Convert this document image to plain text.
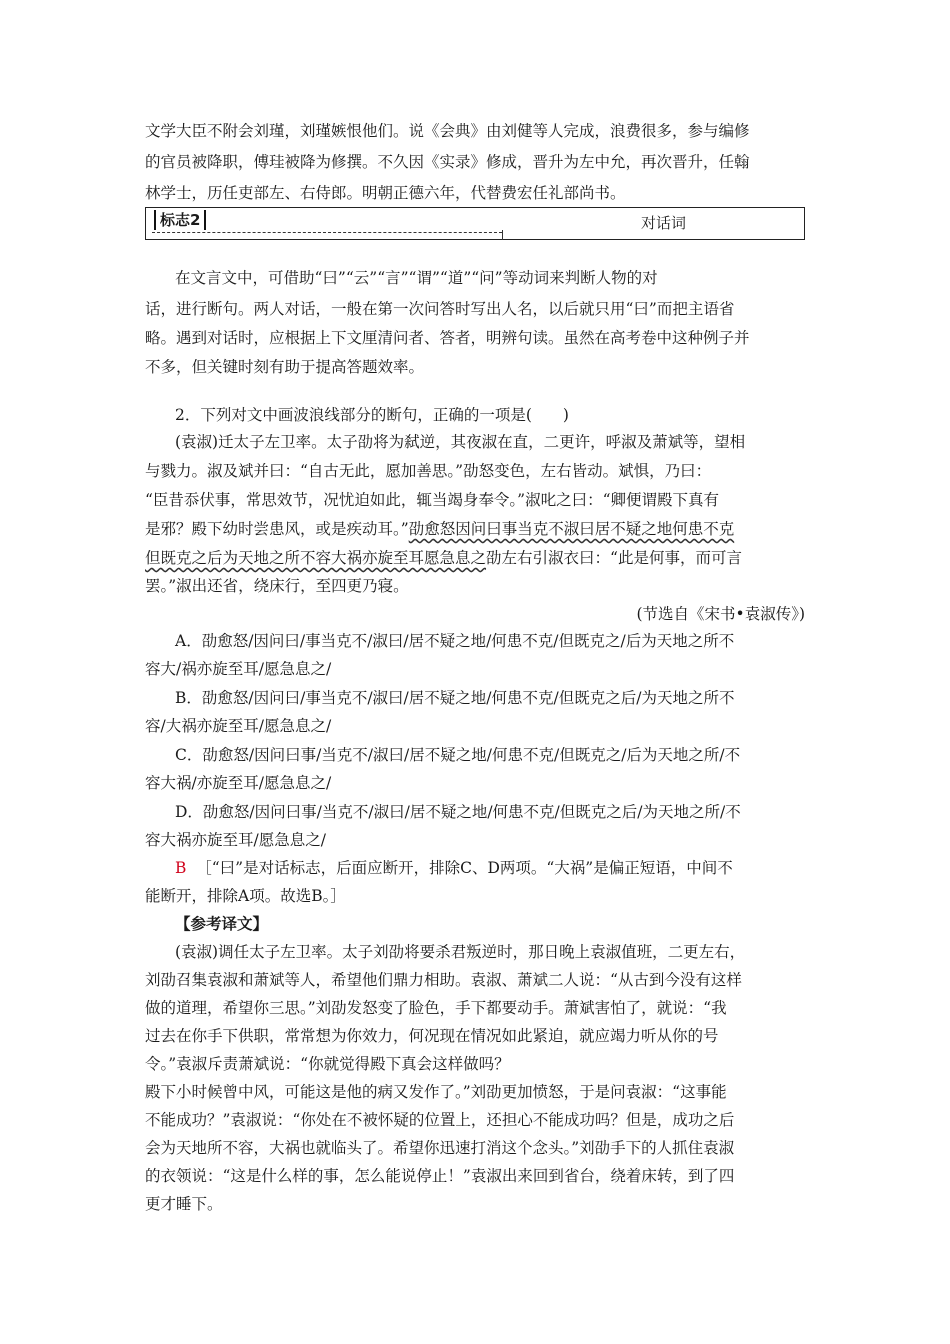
文学大臣不附会刘瑾，刘瑾嫉恨他们。说《会典》由刘健等人完成，浪费很多，参与编修
的官员被降职，傅珪被降为修撰。不久因《实录》修成，晋升为左中允，再次晋升，任翰
林学士，历任吏部左、右侍郎。明朝正德六年，代替费宏任礼部尚书。
标志2	对话词
在文言文中，可借助“曰”“云”“言”“谓”“道”“问”等动词来判断人物的对
话，进行断句。两人对话，一般在第一次问答时写出人名，以后就只用“曰”而把主语省
略。遇到对话时，应根据上下文厘清问者、答者，明辨句读。虽然在高考卷中这种例子并
不多，但关键时刻有助于提高答题效率。
2．下列对文中画波浪线部分的断句，正确的一项是(　　)
(袁淑)迁太子左卫率。太子劭将为弑逆，其夜淑在直，二更许，呼淑及萧斌等，望相
与戮力。淑及斌并曰：“自古无此，愿加善思。”劭怒变色，左右皆动。斌惧，乃曰：
“臣昔忝伏事，常思效节，况忧迫如此，辄当竭身奉令。”淑叱之曰：“卿便谓殿下真有
是邪？殿下幼时尝患风，或是疾动耳。”劭愈怒因问曰事当克不淑曰居不疑之地何患不克
但既克之后为天地之所不容大祸亦旋至耳愿急息之劭左右引淑衣曰：“此是何事，而可言
罢。”淑出还省，绕床行，至四更乃寝。
(节选自《宋书•袁淑传》)
A．劭愈怒/因问曰/事当克不/淑曰/居不疑之地/何患不克/但既克之/后为天地之所不
容大/祸亦旋至耳/愿急息之/
B．劭愈怒/因问曰/事当克不/淑曰/居不疑之地/何患不克/但既克之后/为天地之所不
容/大祸亦旋至耳/愿急息之/
C．劭愈怒/因问曰事/当克不/淑曰/居不疑之地/何患不克/但既克之/后为天地之所/不
容大祸/亦旋至耳/愿急息之/
D．劭愈怒/因问曰事/当克不/淑曰/居不疑之地/何患不克/但既克之后/为天地之所/不
容大祸亦旋至耳/愿急息之/
B ［“曰”是对话标志，后面应断开，排除C、D两项。“大祸”是偏正短语，中间不
能断开，排除A项。故选B。］
【参考译文】
(袁淑)调任太子左卫率。太子刘劭将要杀君叛逆时，那日晚上袁淑值班，二更左右，
刘劭召集袁淑和萧斌等人，希望他们鼎力相助。袁淑、萧斌二人说：“从古到今没有这样
做的道理，希望你三思。”刘劭发怒变了脸色，手下都要动手。萧斌害怕了，就说：“我
过去在你手下供职，常常想为你效力，何况现在情况如此紧迫，就应竭力听从你的号
令。”袁淑斥责萧斌说：“你就觉得殿下真会这样做吗？
殿下小时候曾中风，可能这是他的病又发作了。”刘劭更加愤怒，于是问袁淑：“这事能
不能成功？”袁淑说：“你处在不被怀疑的位置上，还担心不能成功吗？但是，成功之后
会为天地所不容，大祸也就临头了。希望你迅速打消这个念头。”刘劭手下的人抓住袁淑
的衣领说：“这是什么样的事，怎么能说停止！”袁淑出来回到省台，绕着床转，到了四
更才睡下。
